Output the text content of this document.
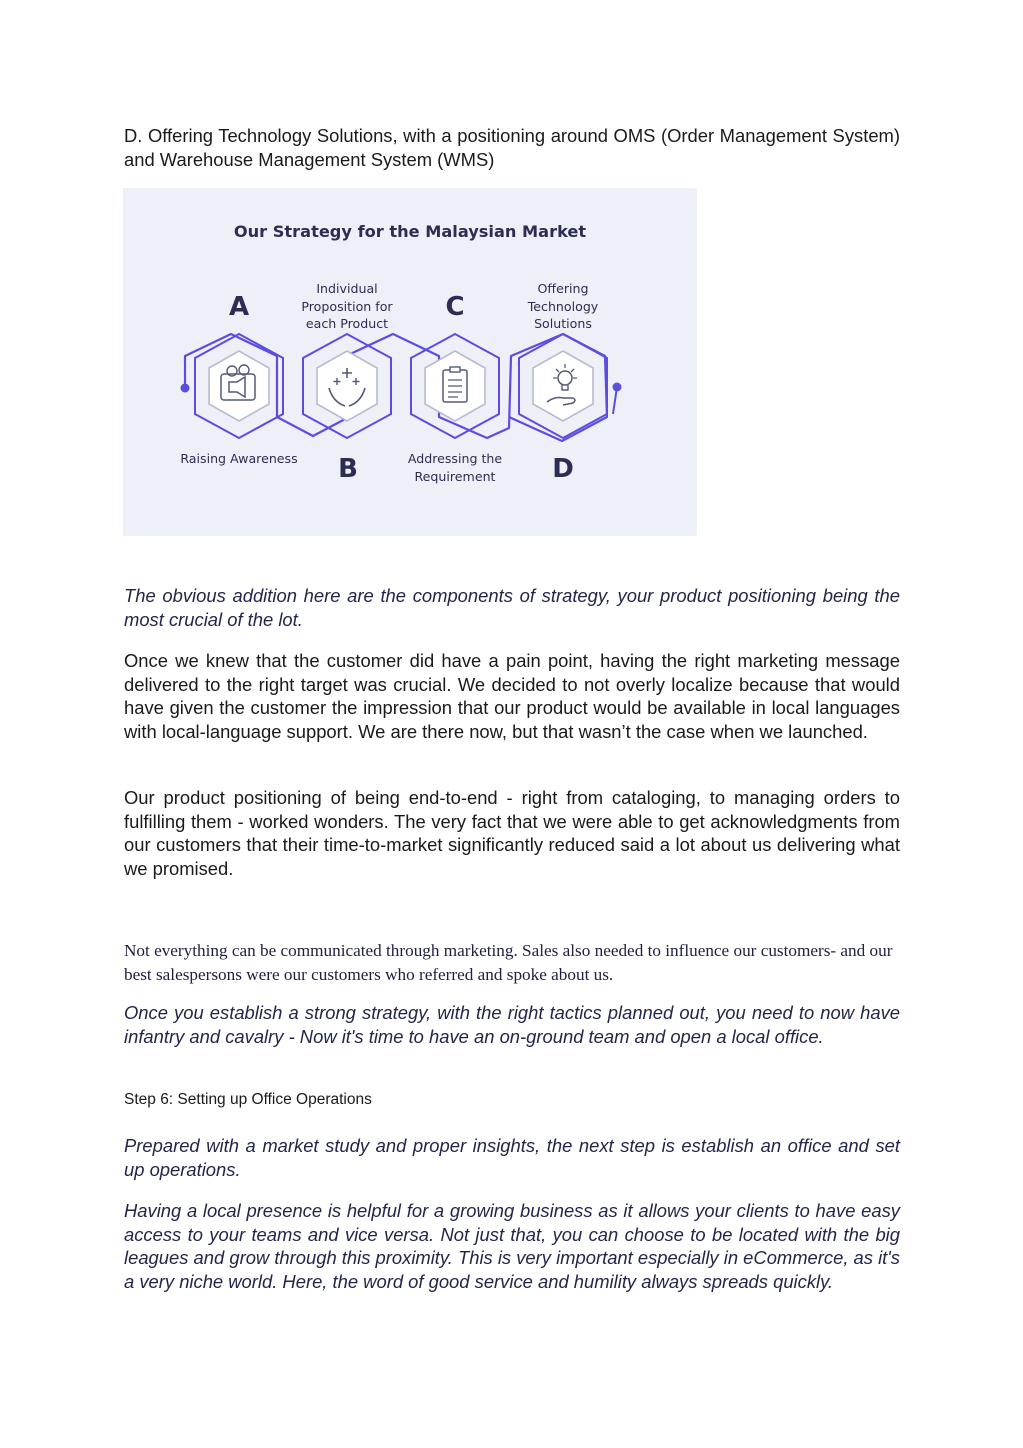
D. Offering Technology Solutions, with a positioning around OMS (Order Management System) and Warehouse Management System (WMS)

Our Strategy for the Malaysian Market
A
Raising Awareness
Individual Proposition for each Product
B
C
Addressing the Requirement
Offering Technology Solutions
D

The obvious addition here are the components of strategy, your product positioning being the most crucial of the lot.

Once we knew that the customer did have a pain point, having the right marketing message delivered to the right target was crucial. We decided to not overly localize because that would have given the customer the impression that our product would be available in local languages with local-language support. We are there now, but that wasn’t the case when we launched.

Our product positioning of being end-to-end - right from cataloging, to managing orders to fulfilling them - worked wonders. The very fact that we were able to get acknowledgments from our customers that their time-to-market significantly reduced said a lot about us delivering what we promised.

Not everything can be communicated through marketing. Sales also needed to influence our customers- and our best salespersons were our customers who referred and spoke about us.

Once you establish a strong strategy, with the right tactics planned out, you need to now have infantry and cavalry - Now it's time to have an on-ground team and open a local office.

Step 6: Setting up Office Operations

Prepared with a market study and proper insights, the next step is establish an office and set up operations.

Having a local presence is helpful for a growing business as it allows your clients to have easy access to your teams and vice versa. Not just that, you can choose to be located with the big leagues and grow through this proximity. This is very important especially in eCommerce, as it's a very niche world. Here, the word of good service and humility always spreads quickly.
